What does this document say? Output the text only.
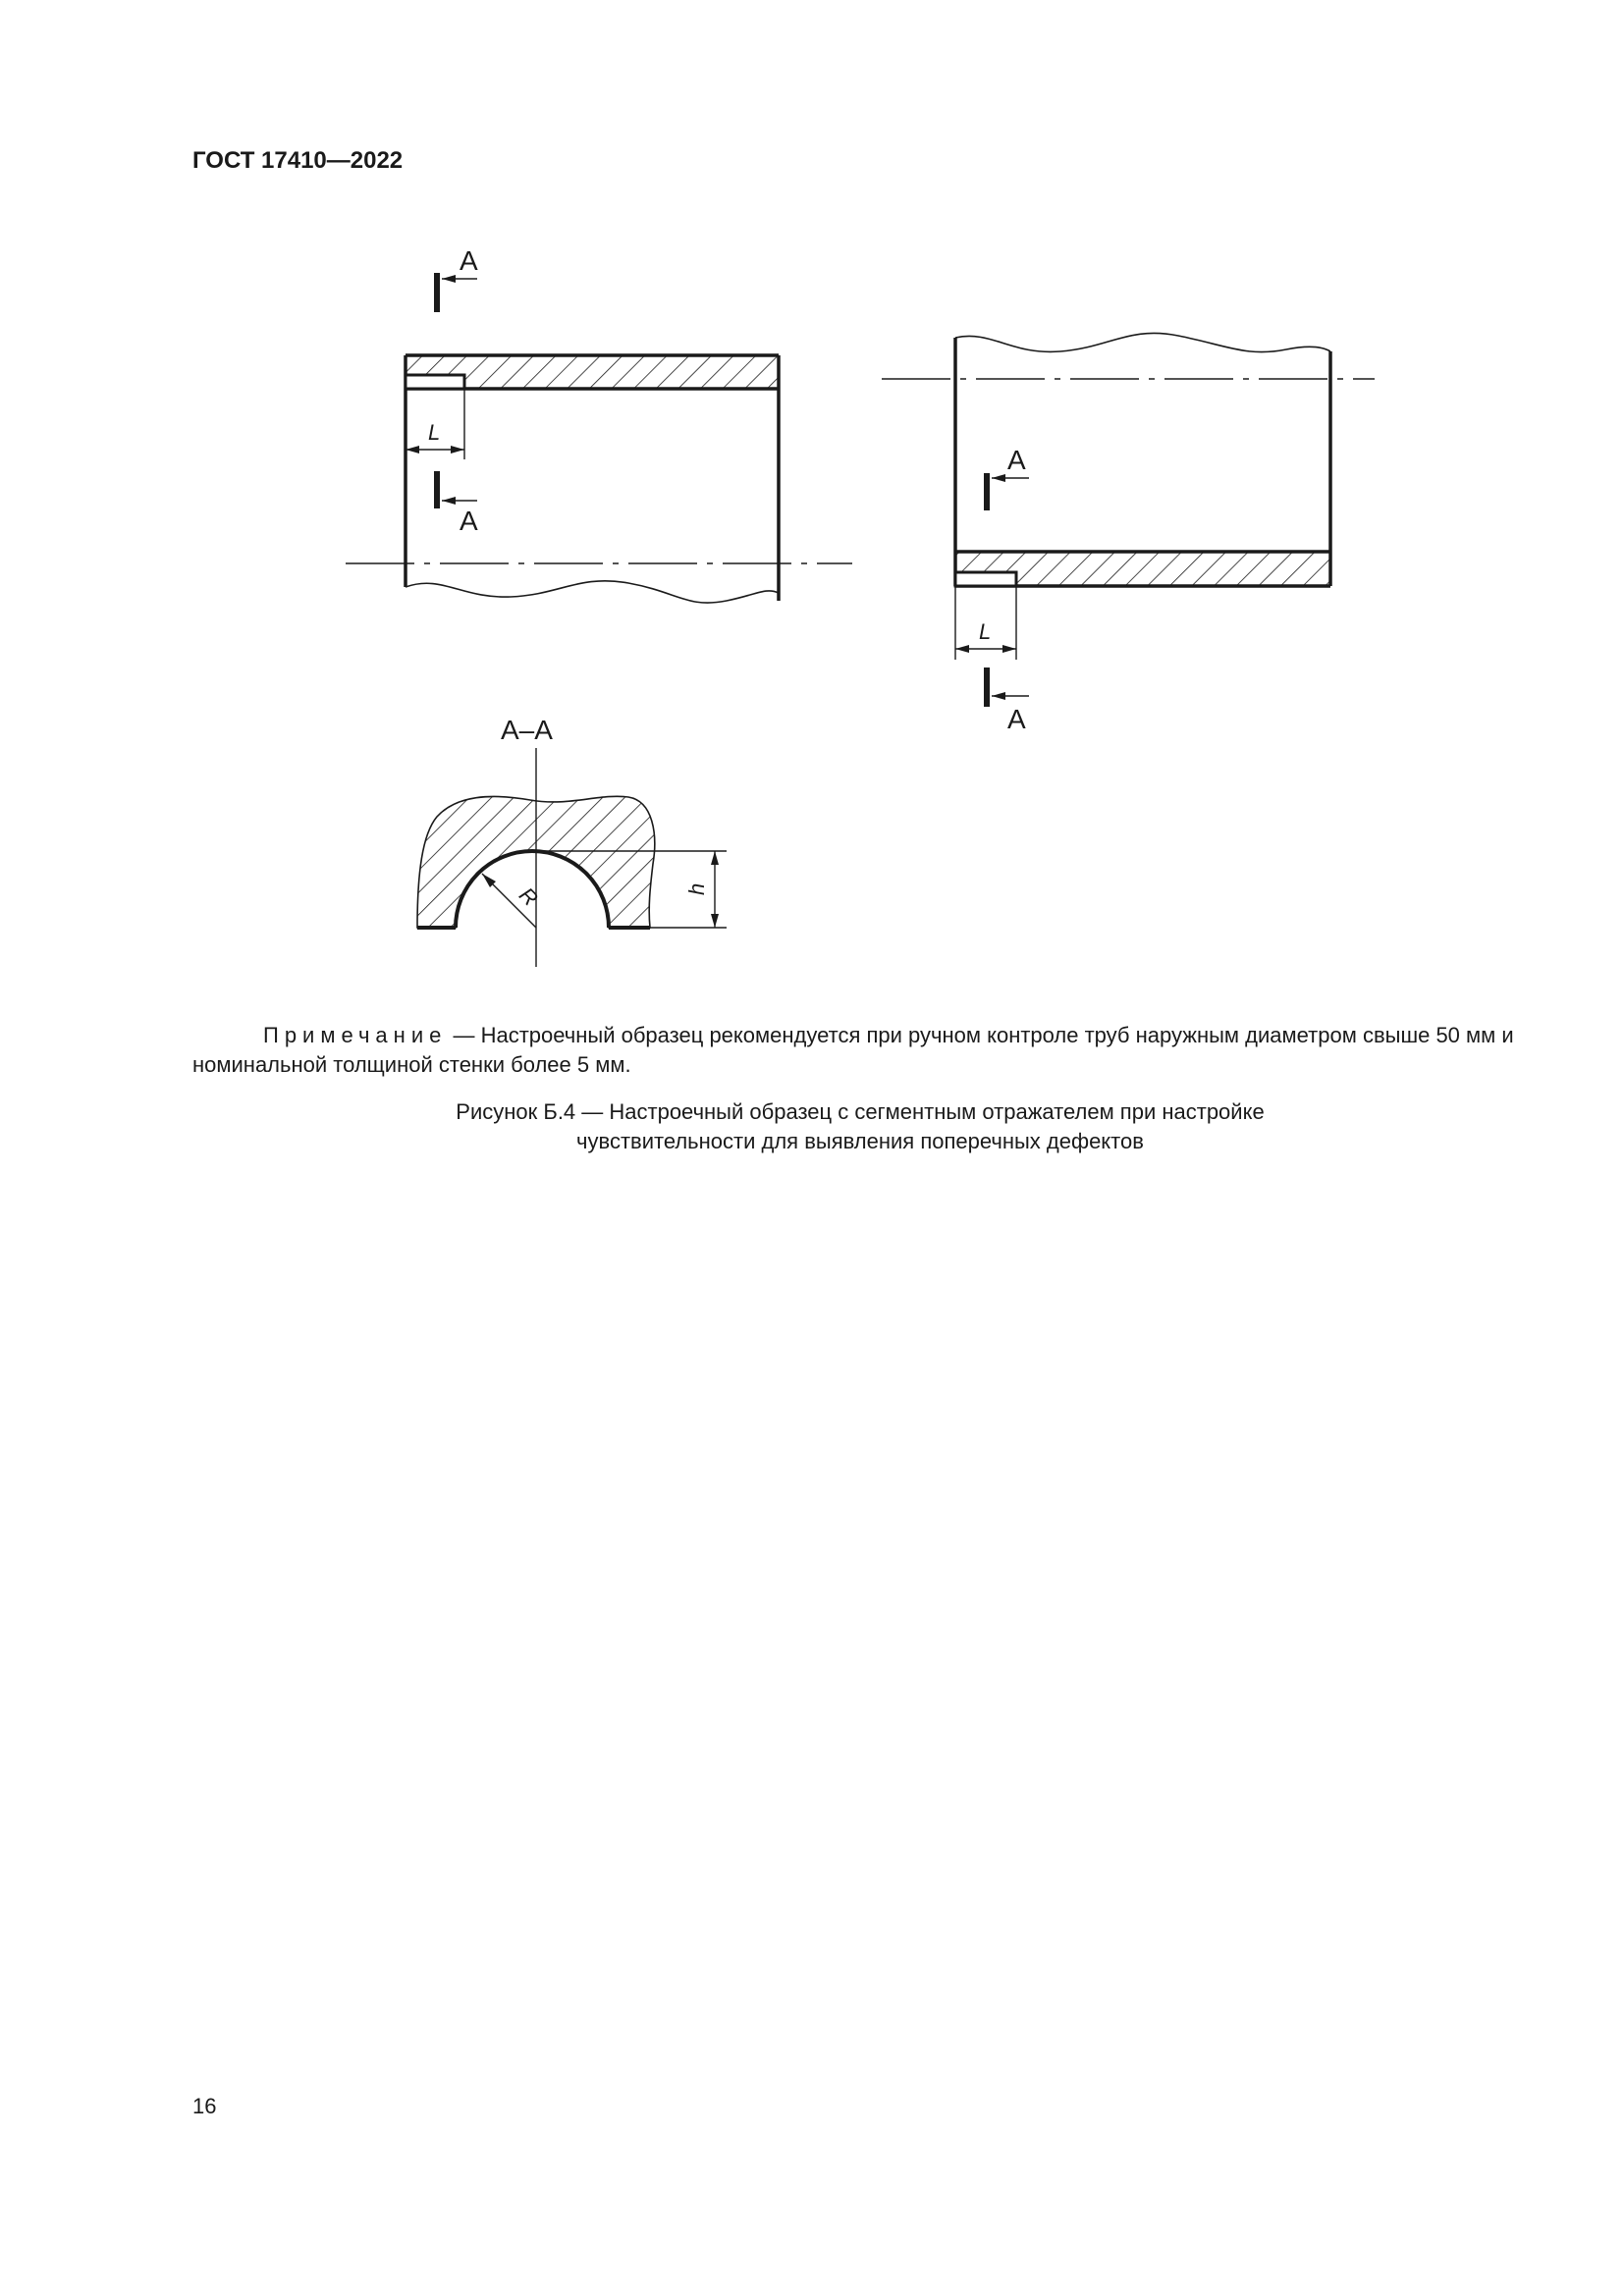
ГОСТ 17410—2022
L
A
A
L
A
A
А–А
R	h
Примечание — Настроечный образец рекомендуется при ручном контроле труб наружным диаметром свыше 50 мм и номинальной толщиной стенки более 5 мм.
Рисунок Б.4 — Настроечный образец с сегментным отражателем при настройке
чувствительности для выявления поперечных дефектов
16
